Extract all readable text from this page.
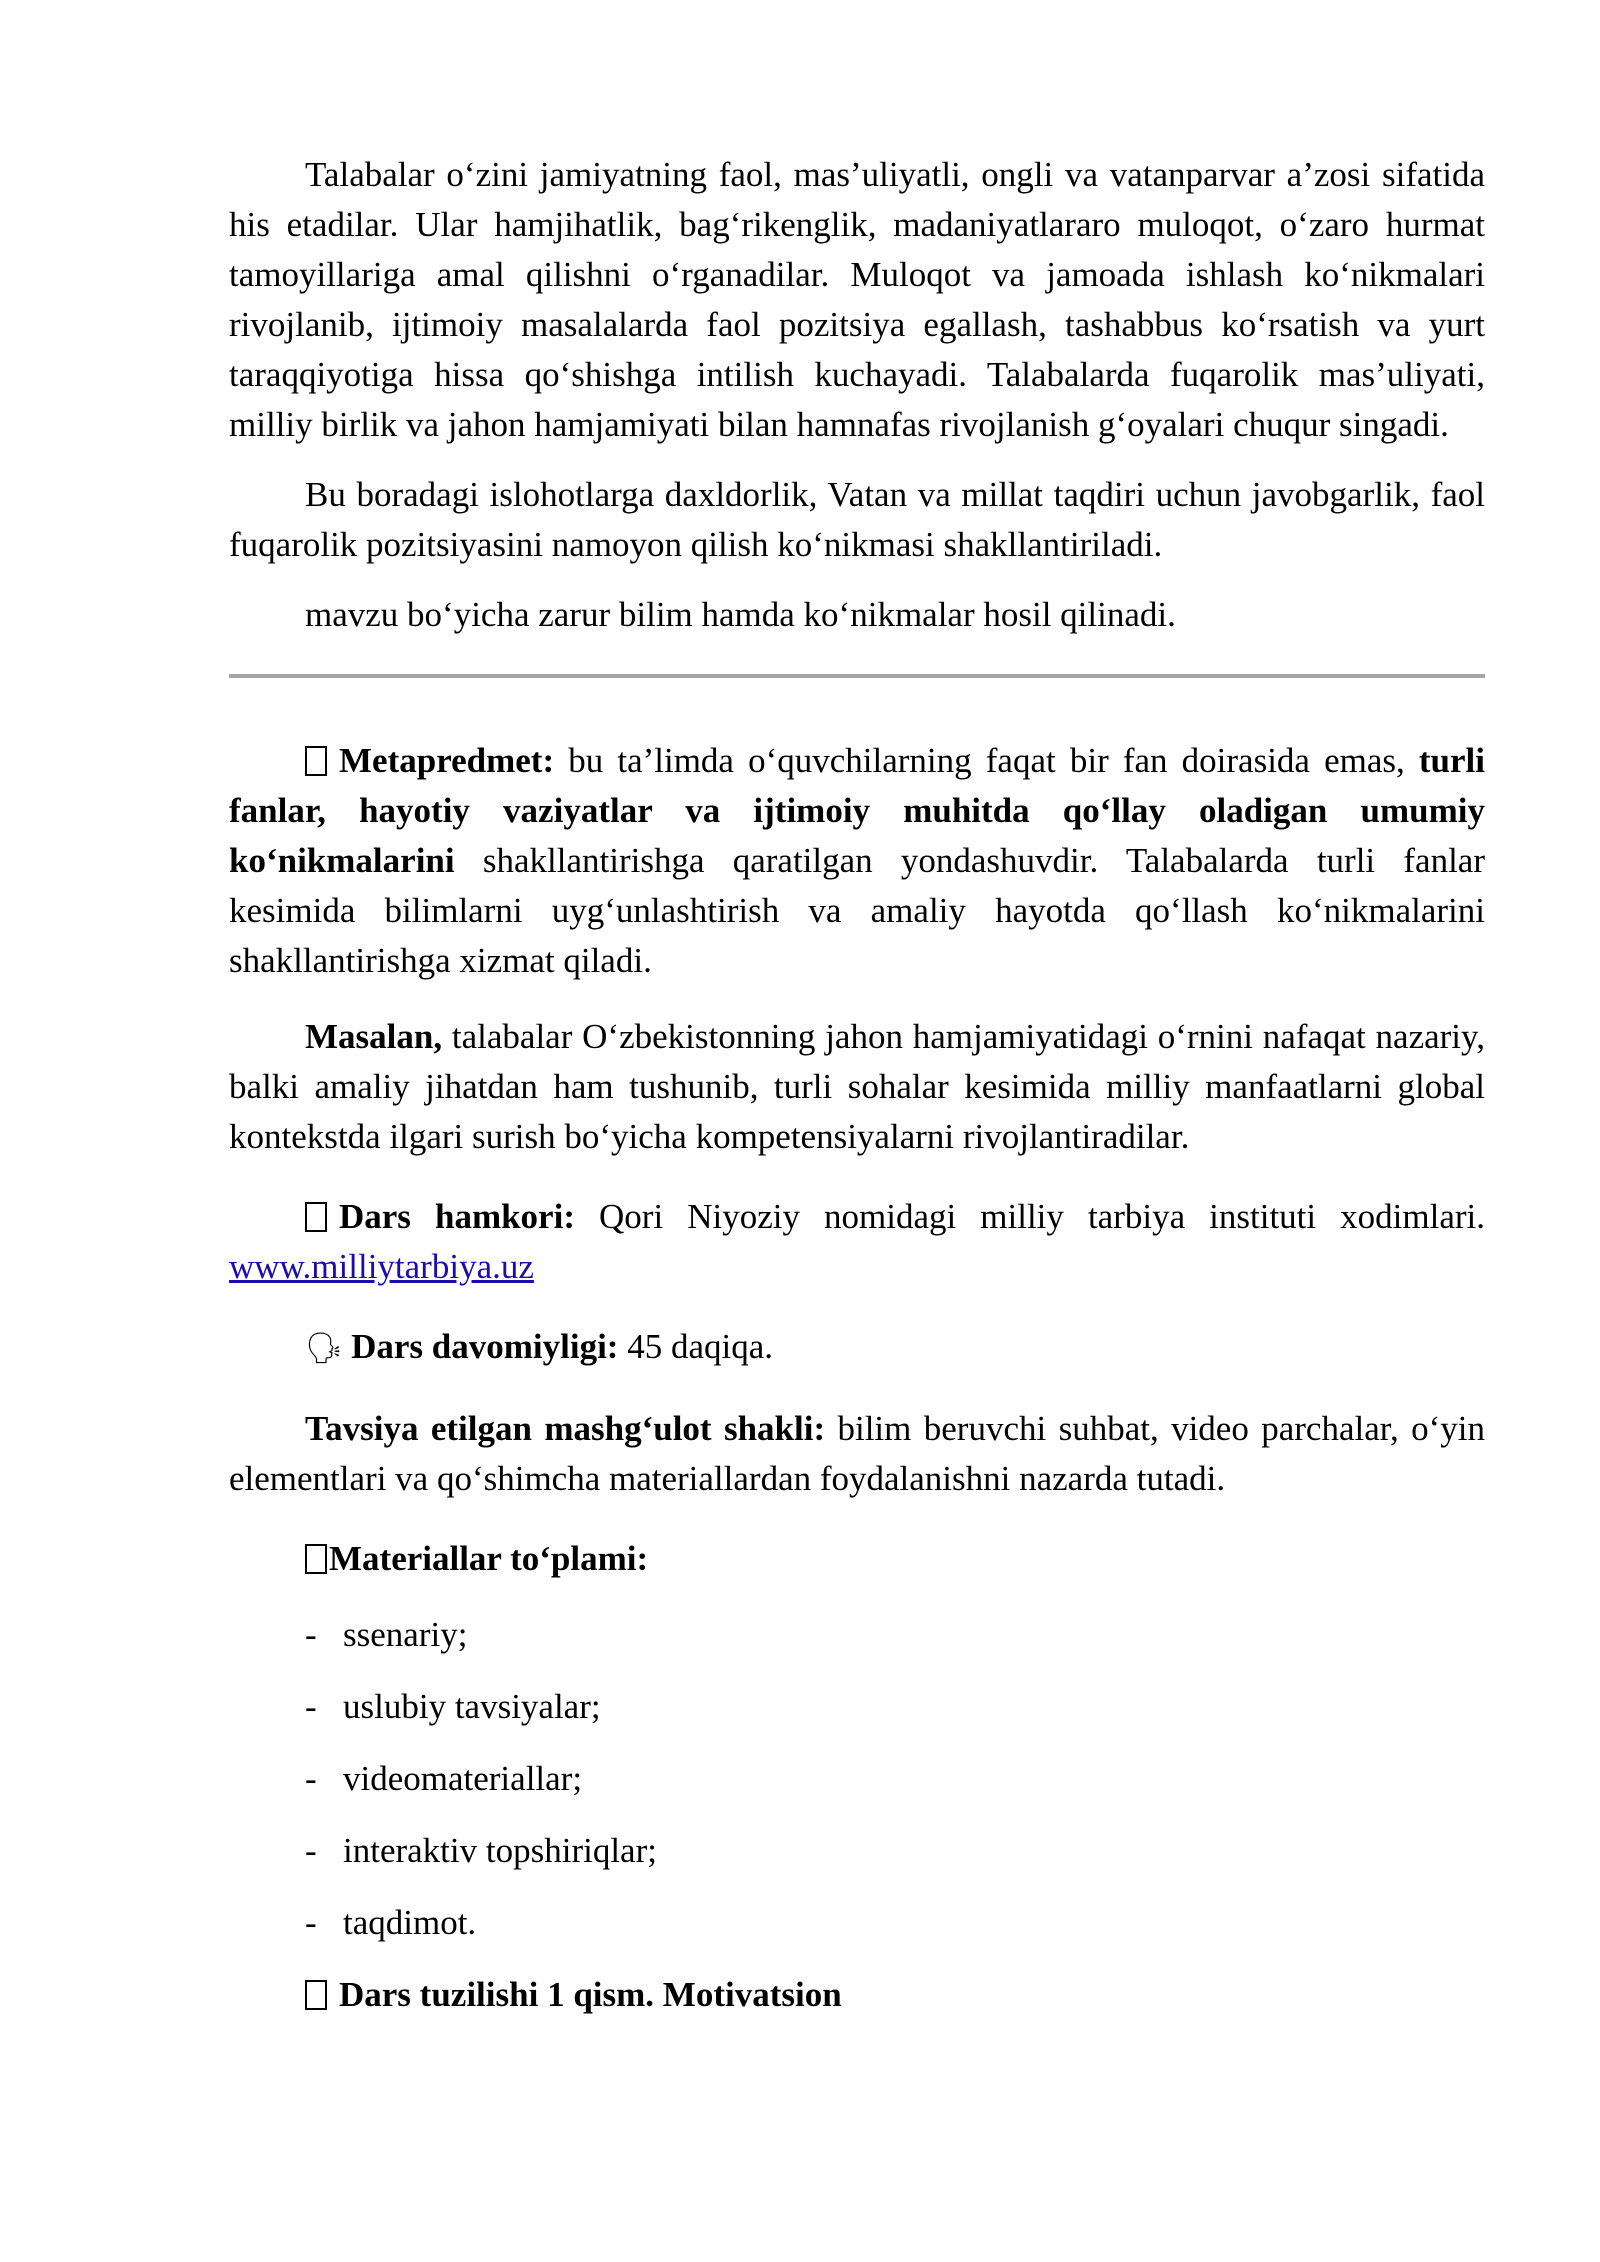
Talabalar o‘zini jamiyatning faol, mas’uliyatli, ongli va vatanparvar a’zosi sifatida his etadilar. Ular hamjihatlik, bag‘rikenglik, madaniyatlararo muloqot, o‘zaro hurmat tamoyillariga amal qilishni o‘rganadilar. Muloqot va jamoada ishlash ko‘nikmalari rivojlanib, ijtimoiy masalalarda faol pozitsiya egallash, tashabbus ko‘rsatish va yurt taraqqiyotiga hissa qo‘shishga intilish kuchayadi. Talabalarda fuqarolik mas’uliyati, milliy birlik va jahon hamjamiyati bilan hamnafas rivojlanish g‘oyalari chuqur singadi.

Bu boradagi islohotlarga daxldorlik, Vatan va millat taqdiri uchun javobgarlik, faol fuqarolik pozitsiyasini namoyon qilish ko‘nikmasi shakllantiriladi.

mavzu bo‘yicha zarur bilim hamda ko‘nikmalar hosil qilinadi.

Metapredmet: bu ta’limda o‘quvchilarning faqat bir fan doirasida emas, turli fanlar, hayotiy vaziyatlar va ijtimoiy muhitda qo‘llay oladigan umumiy ko‘nikmalarini shakllantirishga qaratilgan yondashuvdir. Talabalarda turli fanlar kesimida bilimlarni uyg‘unlashtirish va amaliy hayotda qo‘llash ko‘nikmalarini shakllantirishga xizmat qiladi.

Masalan, talabalar O‘zbekistonning jahon hamjamiyatidagi o‘rnini nafaqat nazariy, balki amaliy jihatdan ham tushunib, turli sohalar kesimida milliy manfaatlarni global kontekstda ilgari surish bo‘yicha kompetensiyalarni rivojlantiradilar.

Dars hamkori: Qori Niyoziy nomidagi milliy tarbiya instituti xodimlari. www.milliytarbiya.uz

🗣 Dars davomiyligi: 45 daqiqa.

Tavsiya etilgan mashg‘ulot shakli: bilim beruvchi suhbat, video parchalar, o‘yin elementlari va qo‘shimcha materiallardan foydalanishni nazarda tutadi.

Materiallar to‘plami:

- ssenariy;
- uslubiy tavsiyalar;
- videomateriallar;
- interaktiv topshiriqlar;
- taqdimot.

Dars tuzilishi 1 qism. Motivatsion
